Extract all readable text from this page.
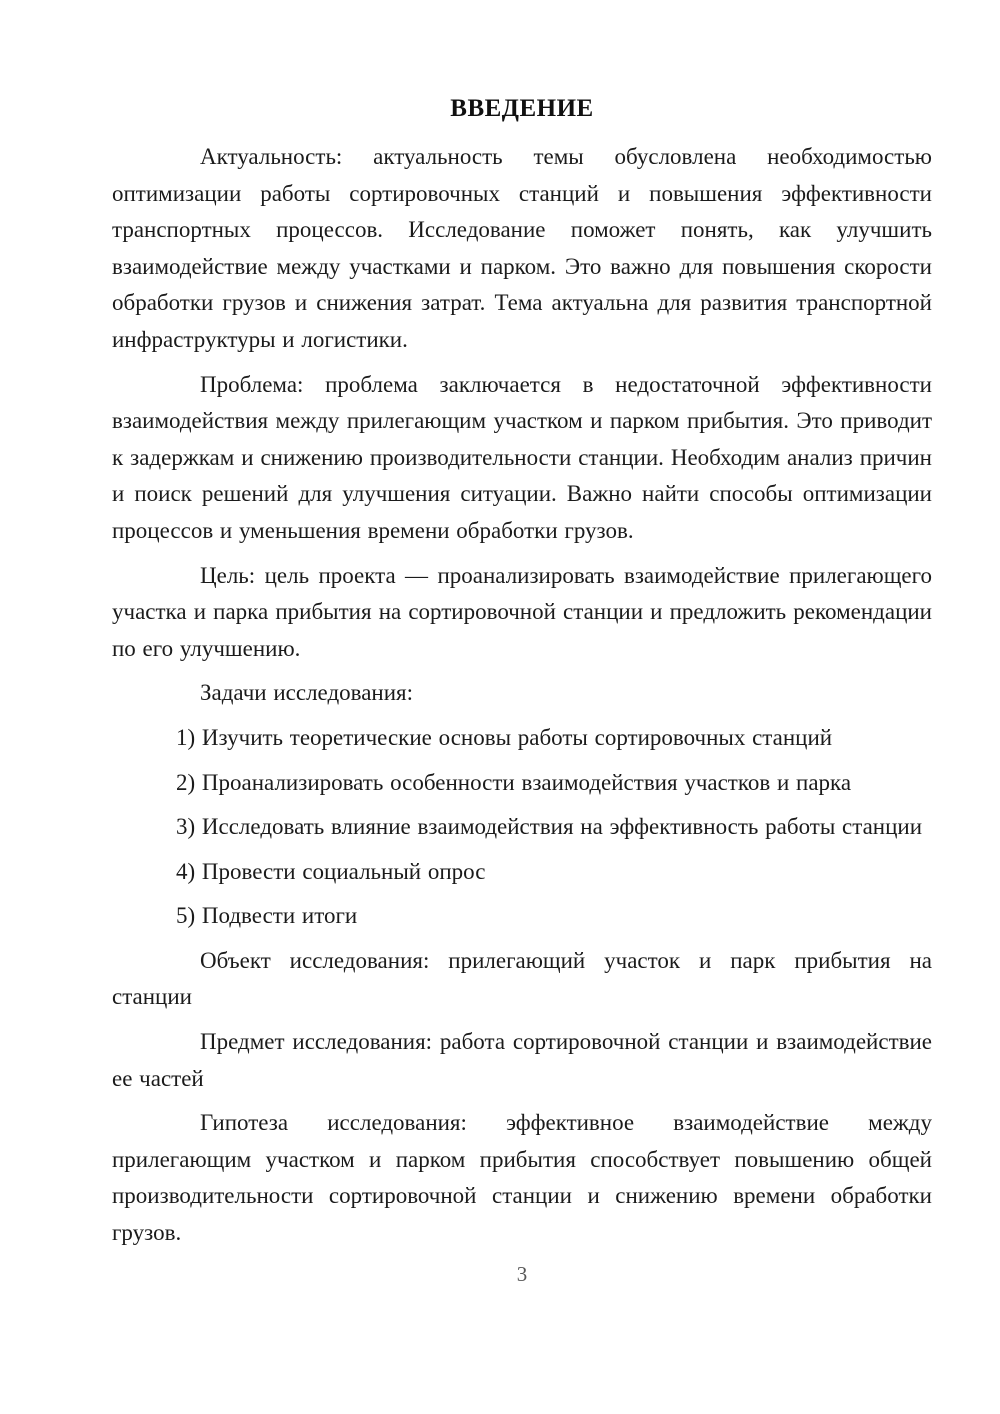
ВВЕДЕНИЕ

Актуальность: актуальность темы обусловлена необходимостью оптимизации работы сортировочных станций и повышения эффективности транспортных процессов. Исследование поможет понять, как улучшить взаимодействие между участками и парком. Это важно для повышения скорости обработки грузов и снижения затрат. Тема актуальна для развития транспортной инфраструктуры и логистики.

Проблема: проблема заключается в недостаточной эффективности взаимодействия между прилегающим участком и парком прибытия. Это приводит к задержкам и снижению производительности станции. Необходим анализ причин и поиск решений для улучшения ситуации. Важно найти способы оптимизации процессов и уменьшения времени обработки грузов.

Цель: цель проекта — проанализировать взаимодействие прилегающего участка и парка прибытия на сортировочной станции и предложить рекомендации по его улучшению.

Задачи исследования:

1) Изучить теоретические основы работы сортировочных станций

2) Проанализировать особенности взаимодействия участков и парка

3) Исследовать влияние взаимодействия на эффективность работы станции

4) Провести социальный опрос

5) Подвести итоги

Объект исследования: прилегающий участок и парк прибытия на станции

Предмет исследования: работа сортировочной станции и взаимодействие ее частей

Гипотеза исследования: эффективное взаимодействие между прилегающим участком и парком прибытия способствует повышению общей производительности сортировочной станции и снижению времени обработки грузов.

3
